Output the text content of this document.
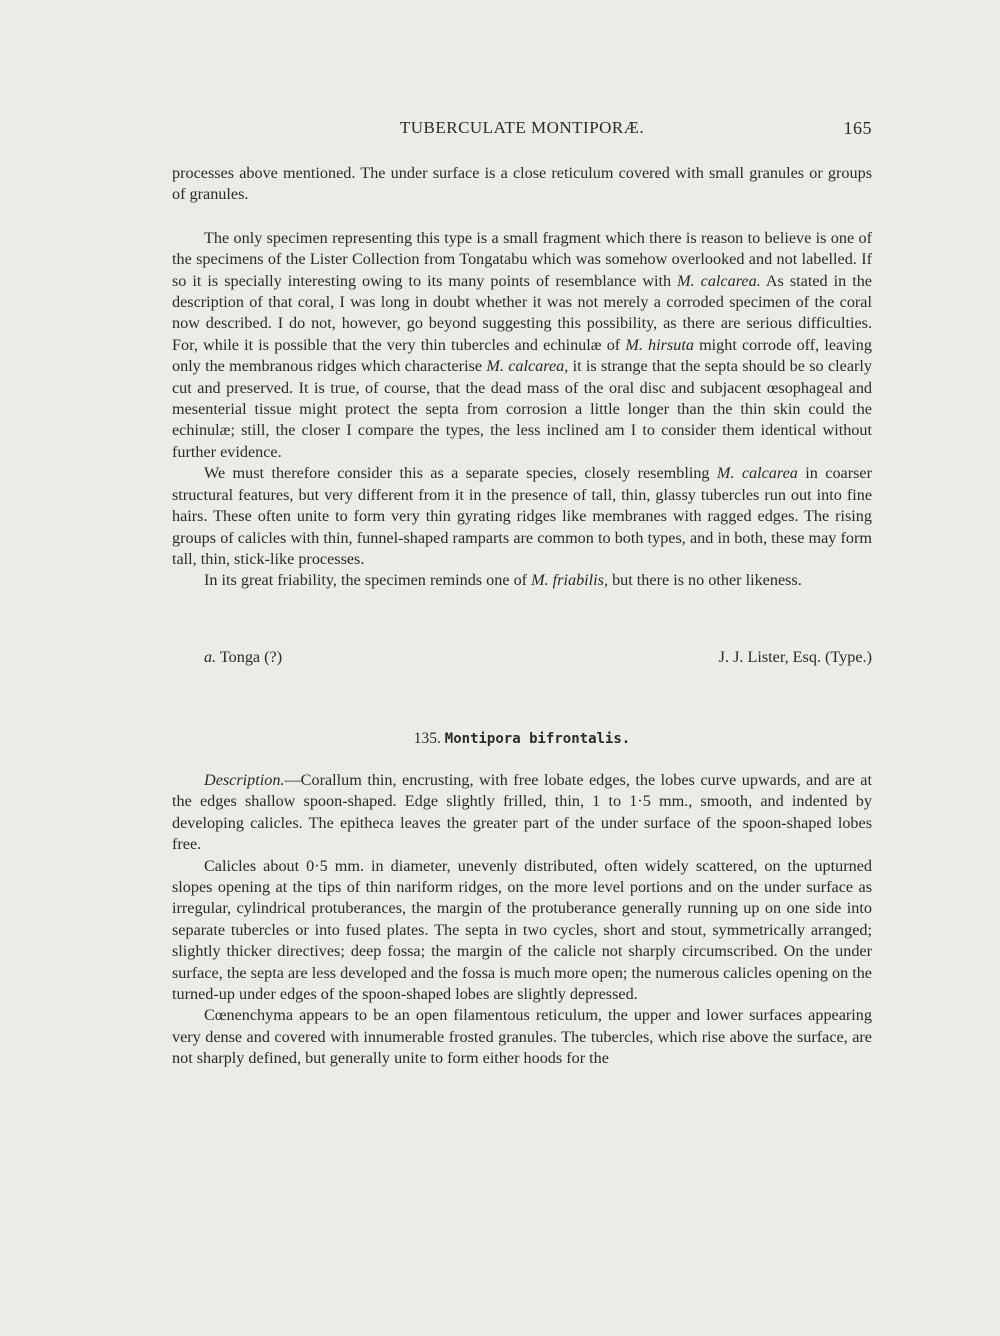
TUBERCULATE MONTIPORÆ.	165

processes above mentioned. The under surface is a close reticulum covered with small granules or groups of granules.

The only specimen representing this type is a small fragment which there is reason to believe is one of the specimens of the Lister Collection from Tongatabu which was somehow overlooked and not labelled. If so it is specially interesting owing to its many points of resemblance with M. calcarea. As stated in the description of that coral, I was long in doubt whether it was not merely a corroded specimen of the coral now described. I do not, however, go beyond suggesting this possibility, as there are serious difficulties. For, while it is possible that the very thin tubercles and echinulæ of M. hirsuta might corrode off, leaving only the membranous ridges which characterise M. calcarea, it is strange that the septa should be so clearly cut and preserved. It is true, of course, that the dead mass of the oral disc and subjacent œsophageal and mesenterial tissue might protect the septa from corrosion a little longer than the thin skin could the echinulæ; still, the closer I compare the types, the less inclined am I to consider them identical without further evidence.

We must therefore consider this as a separate species, closely resembling M. calcarea in coarser structural features, but very different from it in the presence of tall, thin, glassy tubercles run out into fine hairs. These often unite to form very thin gyrating ridges like membranes with ragged edges. The rising groups of calicles with thin, funnel-shaped ramparts are common to both types, and in both, these may form tall, thin, stick-like processes.

In its great friability, the specimen reminds one of M. friabilis, but there is no other likeness.

a. Tonga (?)	J. J. Lister, Esq. (Type.)
135. Montipora bifrontalis.

Description.—Corallum thin, encrusting, with free lobate edges, the lobes curve upwards, and are at the edges shallow spoon-shaped. Edge slightly frilled, thin, 1 to 1·5 mm., smooth, and indented by developing calicles. The epitheca leaves the greater part of the under surface of the spoon-shaped lobes free.

Calicles about 0·5 mm. in diameter, unevenly distributed, often widely scattered, on the upturned slopes opening at the tips of thin nariform ridges, on the more level portions and on the under surface as irregular, cylindrical protuberances, the margin of the protuberance generally running up on one side into separate tubercles or into fused plates. The septa in two cycles, short and stout, symmetrically arranged; slightly thicker directives; deep fossa; the margin of the calicle not sharply circumscribed. On the under surface, the septa are less developed and the fossa is much more open; the numerous calicles opening on the turned-up under edges of the spoon-shaped lobes are slightly depressed.

Cœnenchyma appears to be an open filamentous reticulum, the upper and lower surfaces appearing very dense and covered with innumerable frosted granules. The tubercles, which rise above the surface, are not sharply defined, but generally unite to form either hoods for the
